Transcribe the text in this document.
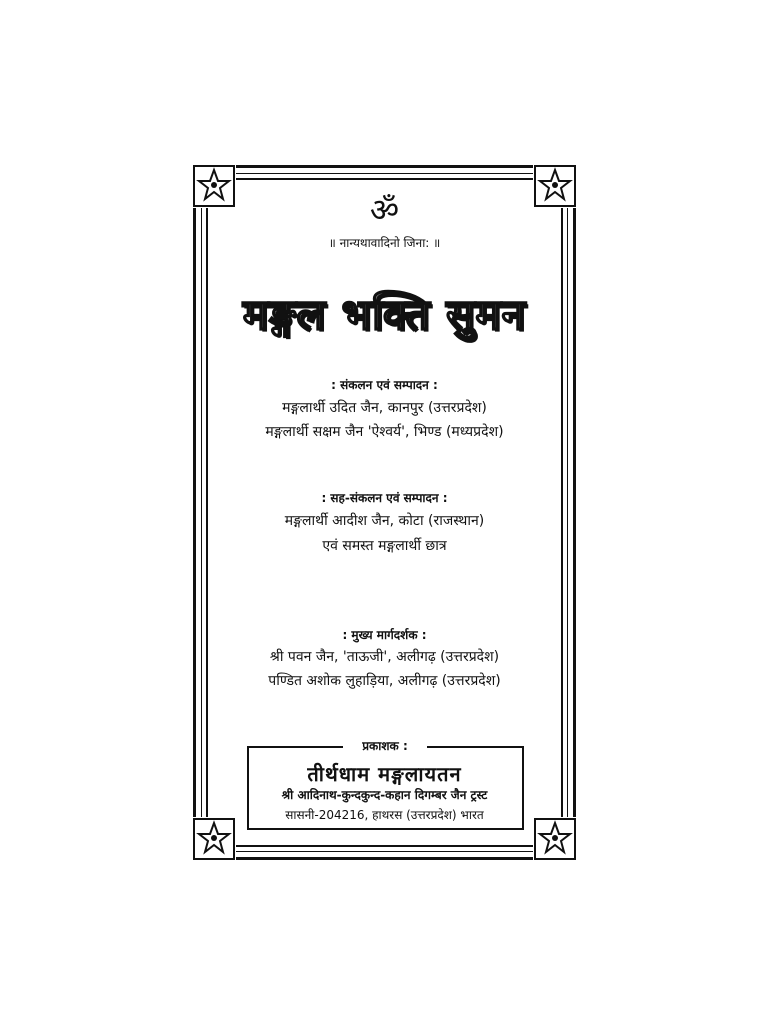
ॐ
॥ नान्यथावादिनो जिना: ॥
मङ्गल भक्ति सुमन
: संकलन एवं सम्पादन :
मङ्गलार्थी उदित जैन, कानपुर (उत्तरप्रदेश)
मङ्गलार्थी सक्षम जैन 'ऐश्वर्य', भिण्ड (मध्यप्रदेश)
: सह-संकलन एवं सम्पादन :
मङ्गलार्थी आदीश जैन, कोटा (राजस्थान)
एवं समस्त मङ्गलार्थी छात्र
: मुख्य मार्गदर्शक :
श्री पवन जैन, 'ताऊजी', अलीगढ़ (उत्तरप्रदेश)
पण्डित अशोक लुहाड़िया, अलीगढ़ (उत्तरप्रदेश)
प्रकाशक :
तीर्थधाम मङ्गलायतन
श्री आदिनाथ-कुन्दकुन्द-कहान दिगम्बर जैन ट्रस्ट
सासनी-204216, हाथरस (उत्तरप्रदेश) भारत
